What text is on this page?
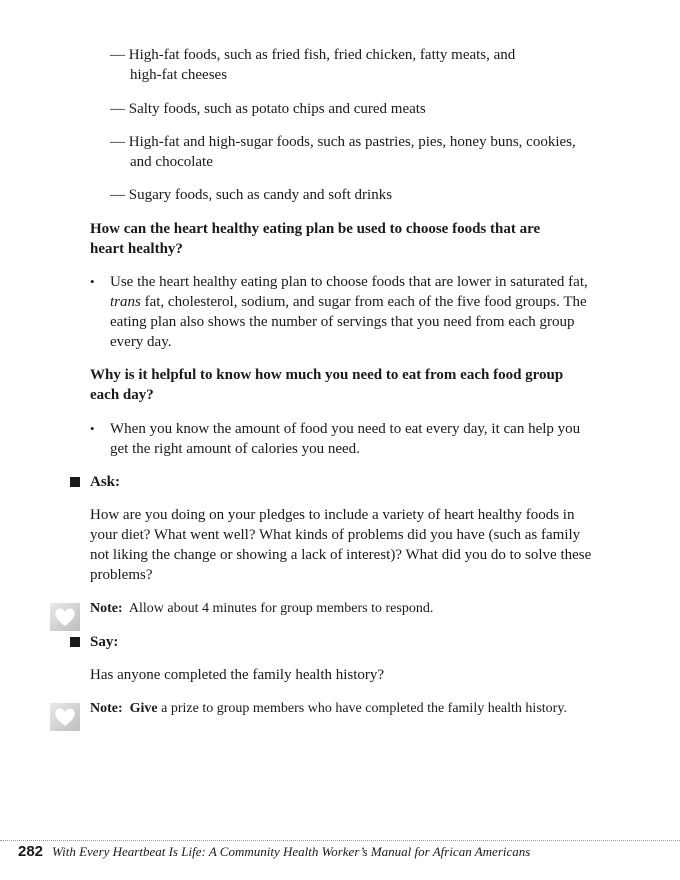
— High-fat foods, such as fried fish, fried chicken, fatty meats, and
high-fat cheeses

— Salty foods, such as potato chips and cured meats

— High-fat and high-sugar foods, such as pastries, pies, honey buns, cookies,
and chocolate

— Sugary foods, such as candy and soft drinks

How can the heart healthy eating plan be used to choose foods that are
heart healthy?

• Use the heart healthy eating plan to choose foods that are lower in saturated fat, trans fat, cholesterol, sodium, and sugar from each of the five food groups. The eating plan also shows the number of servings that you need from each group every day.

Why is it helpful to know how much you need to eat from each food group
each day?

• When you know the amount of food you need to eat every day, it can help you get the right amount of calories you need.

Ask:

How are you doing on your pledges to include a variety of heart healthy foods in your diet? What went well? What kinds of problems did you have (such as family not liking the change or showing a lack of interest)? What did you do to solve these problems?

Note: Allow about 4 minutes for group members to respond.

Say:

Has anyone completed the family health history?

Note: Give a prize to group members who have completed the family health history.

282 With Every Heartbeat Is Life: A Community Health Worker’s Manual for African Americans
